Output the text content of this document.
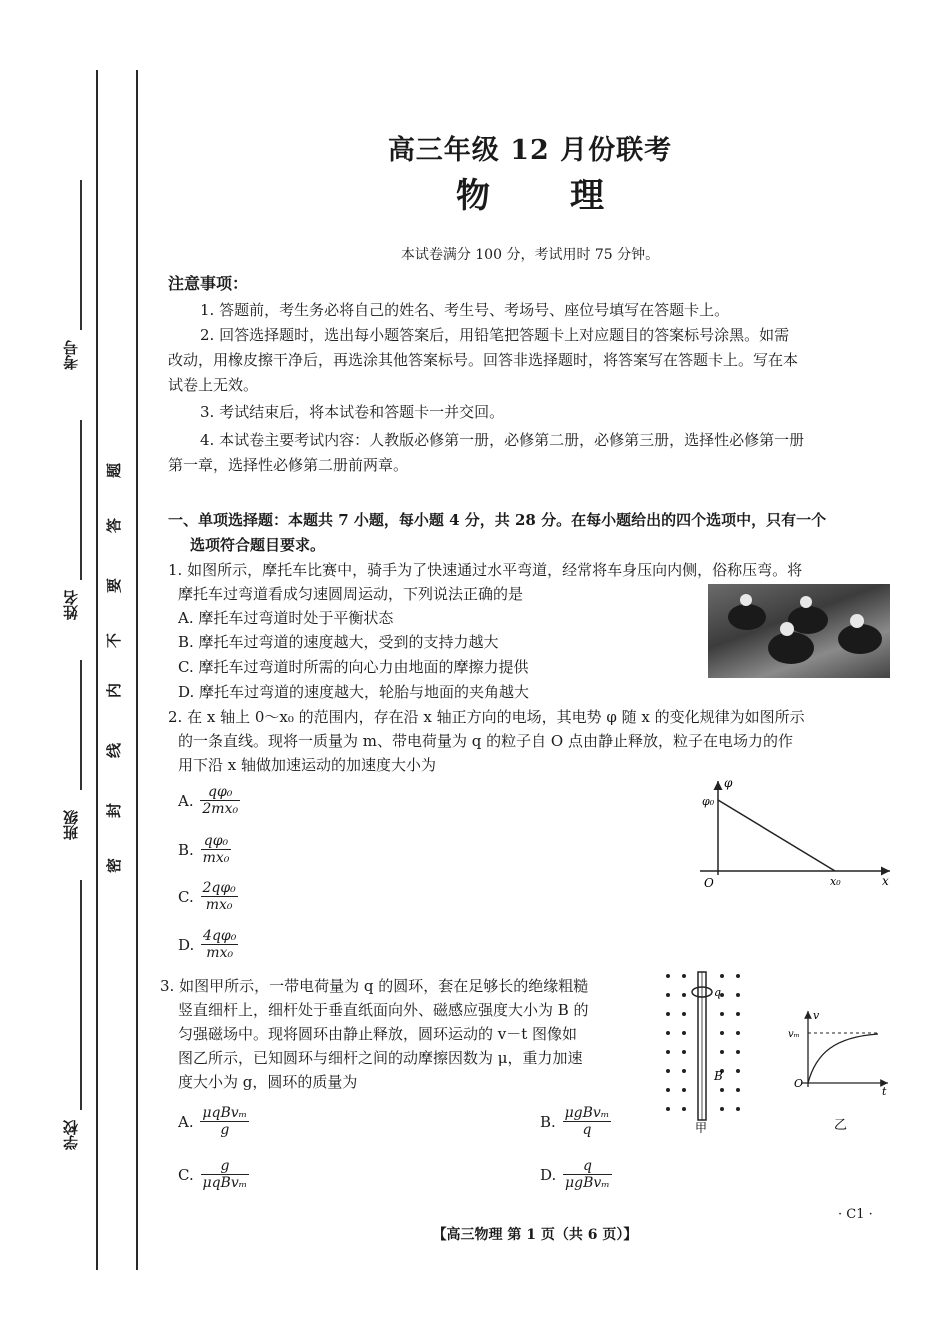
考号
姓名
班级
学校
密
封
线
内
不
要
答
题
高三年级 12 月份联考
物理
本试卷满分 100 分，考试用时 75 分钟。
注意事项：
1. 答题前，考生务必将自己的姓名、考生号、考场号、座位号填写在答题卡上。
2. 回答选择题时，选出每小题答案后，用铅笔把答题卡上对应题目的答案标号涂黑。如需
改动，用橡皮擦干净后，再选涂其他答案标号。回答非选择题时，将答案写在答题卡上。写在本
试卷上无效。
3. 考试结束后，将本试卷和答题卡一并交回。
4. 本试卷主要考试内容：人教版必修第一册，必修第二册，必修第三册，选择性必修第一册
第一章，选择性必修第二册前两章。
一、单项选择题：本题共 7 小题，每小题 4 分，共 28 分。在每小题给出的四个选项中，只有一个
选项符合题目要求。
1. 如图所示，摩托车比赛中，骑手为了快速通过水平弯道，经常将车身压向内侧，俗称压弯。将
摩托车过弯道看成匀速圆周运动，下列说法正确的是
A. 摩托车过弯道时处于平衡状态
B. 摩托车过弯道的速度越大，受到的支持力越大
C. 摩托车过弯道时所需的向心力由地面的摩擦力提供
D. 摩托车过弯道的速度越大，轮胎与地面的夹角越大
2. 在 x 轴上 0～x₀ 的范围内，存在沿 x 轴正方向的电场，其电势 φ 随 x 的变化规律为如图所示
的一条直线。现将一质量为 m、带电荷量为 q 的粒子自 O 点由静止释放，粒子在电场力的作
用下沿 x 轴做加速运动的加速度大小为
A. $\frac{\text{qφ₀}}{\text{2mx₀}}$
B. $\frac{\text{qφ₀}}{\text{mx₀}}$
C. $\frac{\text{2qφ₀}}{\text{mx₀}}$
D. $\frac{\text{4qφ₀}}{\text{mx₀}}$
φ
φ₀
O	x₀	x
3. 如图甲所示，一带电荷量为 q 的圆环，套在足够长的绝缘粗糙
竖直细杆上，细杆处于垂直纸面向外、磁感应强度大小为 B 的
匀强磁场中。现将圆环由静止释放，圆环运动的 v－t 图像如
图乙所示，已知圆环与细杆之间的动摩擦因数为 μ，重力加速
度大小为 g，圆环的质量为
A. $\frac{\text{μqBvₘ}}{g}$	B. $\frac{\text{μgBvₘ}}{q}$
C. $\frac{g}{\text{μqBvₘ}}$	D. $\frac{q}{\text{μgBvₘ}}$
q
B
甲
v
vₘ
O
t
乙
· C1 ·
【高三物理 第 1 页（共 6 页）】
